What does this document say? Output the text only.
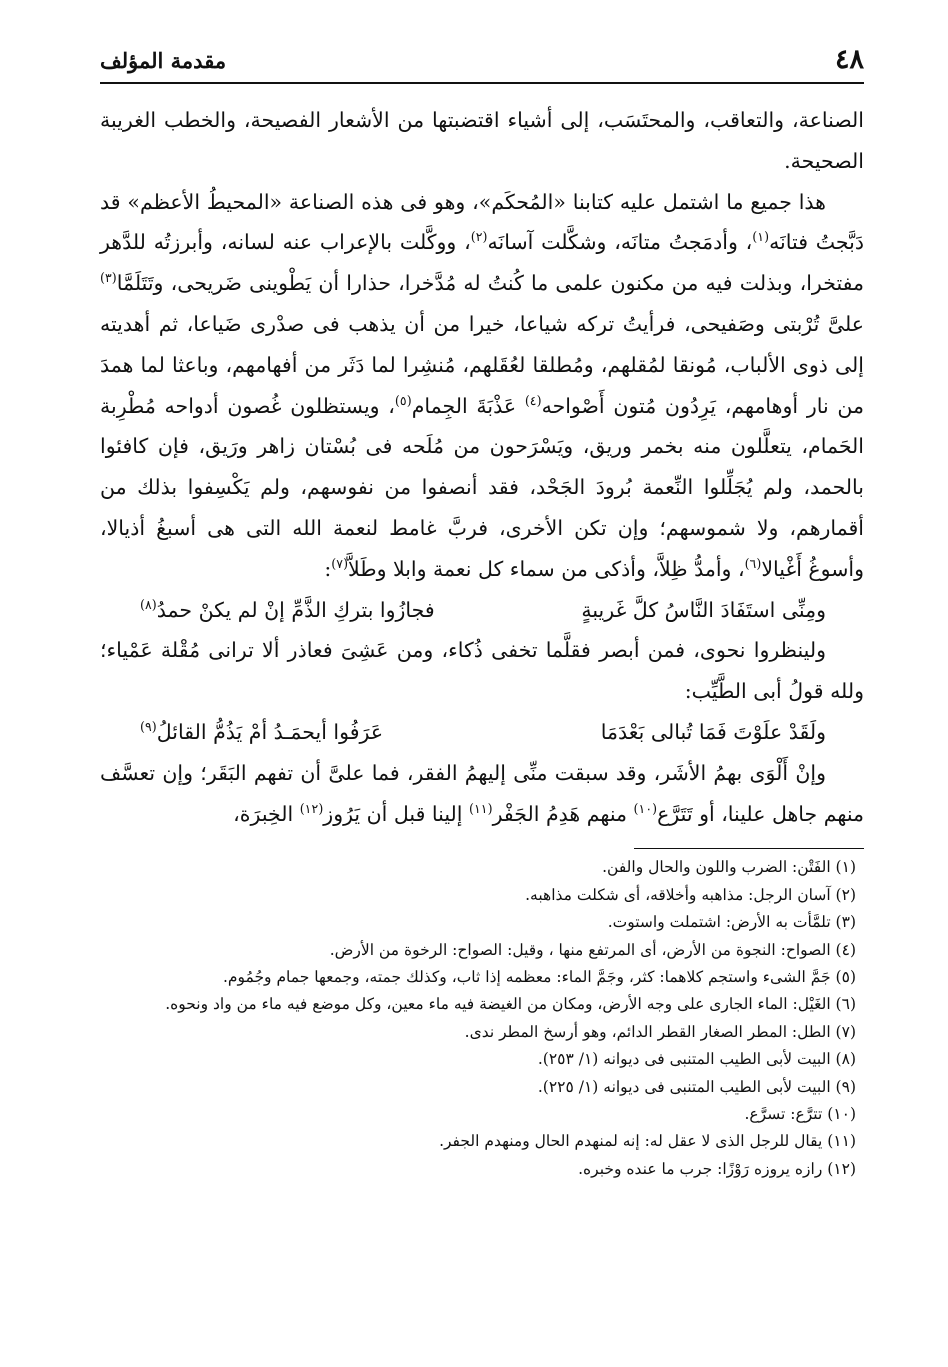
٤٨
مقدمة المؤلف

الصناعة، والتعاقب، والمحتَسَب، إلى أشياء اقتضبتها من الأشعار الفصيحة، والخطب الغريبة الصحيحة.

هذا جميع ما اشتمل عليه كتابنا «المُحكَم»، وهو فى هذه الصناعة «المحيطُ الأعظم» قد دَبَّجتُ فتانَه$^{(١)}$، وأدمَجتُ متانَه، وشكَّلت آسانَه$^{(٢)}$، ووكَّلت بالإعراب عنه لسانه، وأبرزتُه للدَّهر مفتخرا، وبذلت فيه من مكنون علمى ما كُنتُ له مُدَّخرا، حذارا أن يَطْوينى ضَريحى، وتَتَلَمَّا$^{(٣)}$ علىَّ تُرْبتى وصَفيحى، فرأيتُ تركه شياعا، خيرا من أن يذهب فى صدْرى ضَياعا، ثم أهديته إلى ذوى الألباب، مُونقا لمُقلهم، ومُطلقا لعُقَلهم، مُنشِرا لما دَثَر من أفهامهم، وباعثا لما همدَ من نار أوهامهم، يَرِدُون مُتون أَصْواحه$^{(٤)}$ عَذْبَةَ الجِمام$^{(٥)}$، ويستظلون غُصون أدواحه مُطْرِبة الحَمام، يتعلَّلون منه بخمر وريق، ويَسْرَحون من مُلَحه فى بُسْتان زاهر ورَيق، فإن كافئوا بالحمد، ولم يُجَلِّلوا النِّعمة بُرودَ الجَحْد، فقد أنصفوا من نفوسهم، ولم يَكْسِفوا بذلك من أقمارهم، ولا شموسهم؛ وإن تكن الأخرى، فربَّ غامط لنعمة الله التى هى أسبغُ أذيالا، وأسوغُ أَغْيالا$^{(٦)}$، وأمدُّ ظِلاَّ، وأذكى من سماء كل نعمة وابلا وطَلاَّ$^{(٧)}$:

ومِنِّى استَفَادَ النَّاسُ كلَّ غَريبةٍ
فجازُوا بتركِ الذَّمِّ إنْ لم يكنْ حمدُ$^{(٨)}$

ولينظروا نحوى، فمن أبصر فقلَّما تخفى ذُكاء، ومن عَشِىَ فعاذر ألا ترانى مُقْلة عَمْياء؛ ولله قولُ أبى الطَّيِّب:

ولَقَدْ علَوْتَ فَمَا تُبالى بَعْدَمَا
عَرَفُوا أيحمَـدُ أمْ يَذُمُّ القائلُ$^{(٩)}$

وإنْ أَلْوَى بهمُ الأشَر، وقد سبقت منِّى إليهمُ الفقر، فما علىَّ أن تفهم البَقَر؛ وإن تعسَّف منهم جاهل علينا، أو تَتَرَّع$^{(١٠)}$ منهم هَدِمُ الجَفْر$^{(١١)}$ إلينا قبل أن يَرُوز$^{(١٢)}$ الخِبرَة،

(١) الفَتْن: الضرب واللون والحال والفن.
(٢) آسان الرجل: مذاهبه وأخلاقه، أى شكلت مذاهبه.
(٣) تلمَّأت به الأرض: اشتملت واستوت.
(٤) الصواح: النجوة من الأرض، أى المرتفع منها ، وقيل: الصواح: الرخوة من الأرض.
(٥) جَمَّ الشىء واستجم كلاهما: كثر، وجَمَّ الماء: معظمه إذا ثاب، وكذلك جمته، وجمعها جمام وجُمُوم.
(٦) الغَيْل: الماء الجارى على وجه الأرض، ومكان من الغيضة فيه ماء معين، وكل موضع فيه ماء من واد ونحوه.
(٧) الطل: المطر الصغار القطر الدائم، وهو أرسخ المطر ندى.
(٨) البيت لأبى الطيب المتنبى فى ديوانه (١/ ٢٥٣).
(٩) البيت لأبى الطيب المتنبى فى ديوانه (١/ ٢٢٥).
(١٠) تترَّع: تسرَّع.
(١١) يقال للرجل الذى لا عقل له: إنه لمنهدم الحال ومنهدم الجفر.
(١٢) رازه يروزه رَوْزًا: جرب ما عنده وخبره.
